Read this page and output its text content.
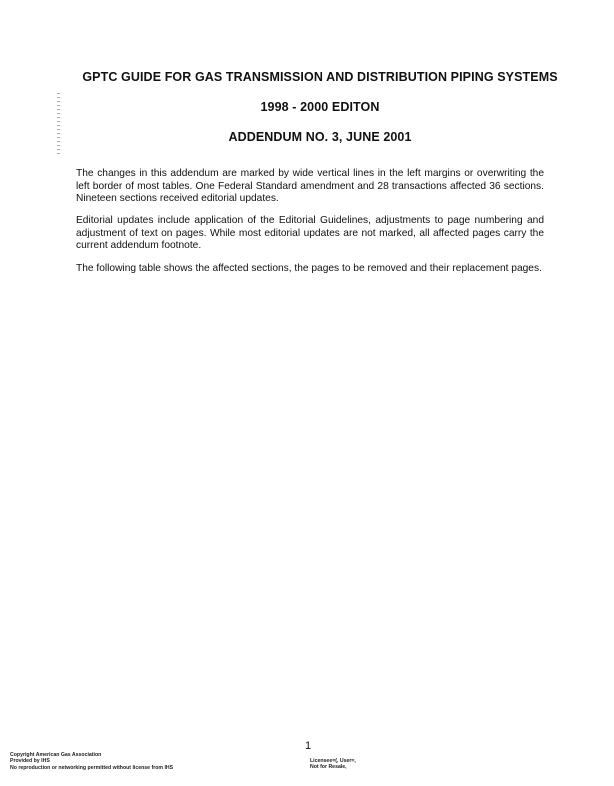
GPTC GUIDE FOR GAS TRANSMISSION AND DISTRIBUTION PIPING SYSTEMS
1998 - 2000 EDITON
ADDENDUM NO. 3, JUNE 2001
The changes in this addendum are marked by wide vertical lines in the left margins or overwriting the left border of most tables. One Federal Standard amendment and 28 transactions affected 36 sections. Nineteen sections received editorial updates.
Editorial updates include application of the Editorial Guidelines, adjustments to page numbering and adjustment of text on pages. While most editorial updates are not marked, all affected pages carry the current addendum footnote.
The following table shows the affected sections, the pages to be removed and their replacement pages.
1
Copyright American Gas Association
Provided by IHS
No reproduction or networking permitted without license from IHS
Licensee=(, User=,
Not for Resale,
